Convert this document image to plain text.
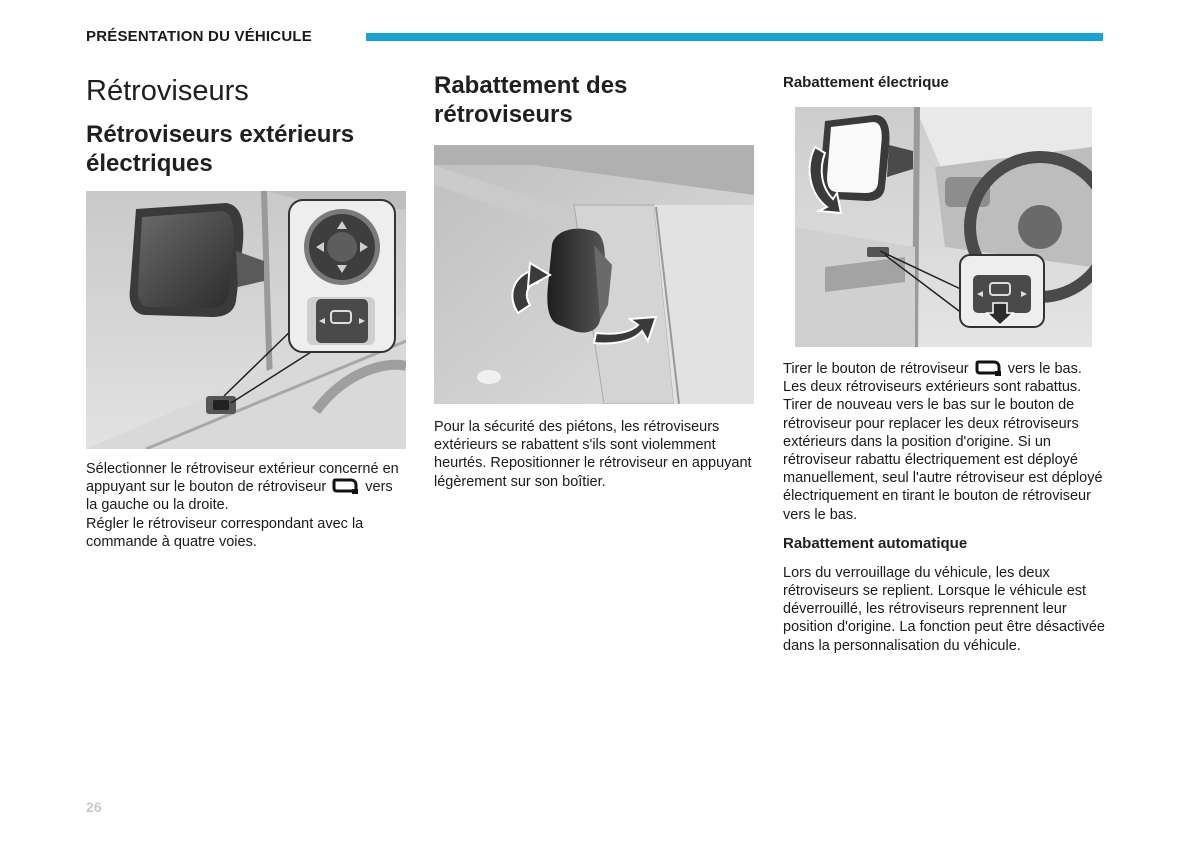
PRÉSENTATION DU VÉHICULE
Rétroviseurs
Rétroviseurs extérieurs électriques

Sélectionner le rétroviseur extérieur concerné en appuyant sur le bouton de rétroviseur	vers la gauche ou la droite.

Régler le rétroviseur correspondant avec la commande à quatre voies.

Rabattement des rétroviseurs

Pour la sécurité des piétons, les rétroviseurs extérieurs se rabattent s'ils sont violemment heurtés. Repositionner le rétroviseur en appuyant légèrement sur son boîtier.

Rabattement électrique

Tirer le bouton de rétroviseur	vers le bas. Les deux rétroviseurs extérieurs sont rabattus. Tirer de nouveau vers le bas sur le bouton de rétroviseur pour replacer les deux rétroviseurs extérieurs dans la position d'origine. Si un rétroviseur rabattu électriquement est déployé manuellement, seul l'autre rétroviseur est déployé électriquement en tirant le bouton de rétroviseur vers le bas.

Rabattement automatique

Lors du verrouillage du véhicule, les deux rétroviseurs se replient. Lorsque le véhicule est déverrouillé, les rétroviseurs reprennent leur position d'origine. La fonction peut être désactivée dans la personnalisation du véhicule.

26
